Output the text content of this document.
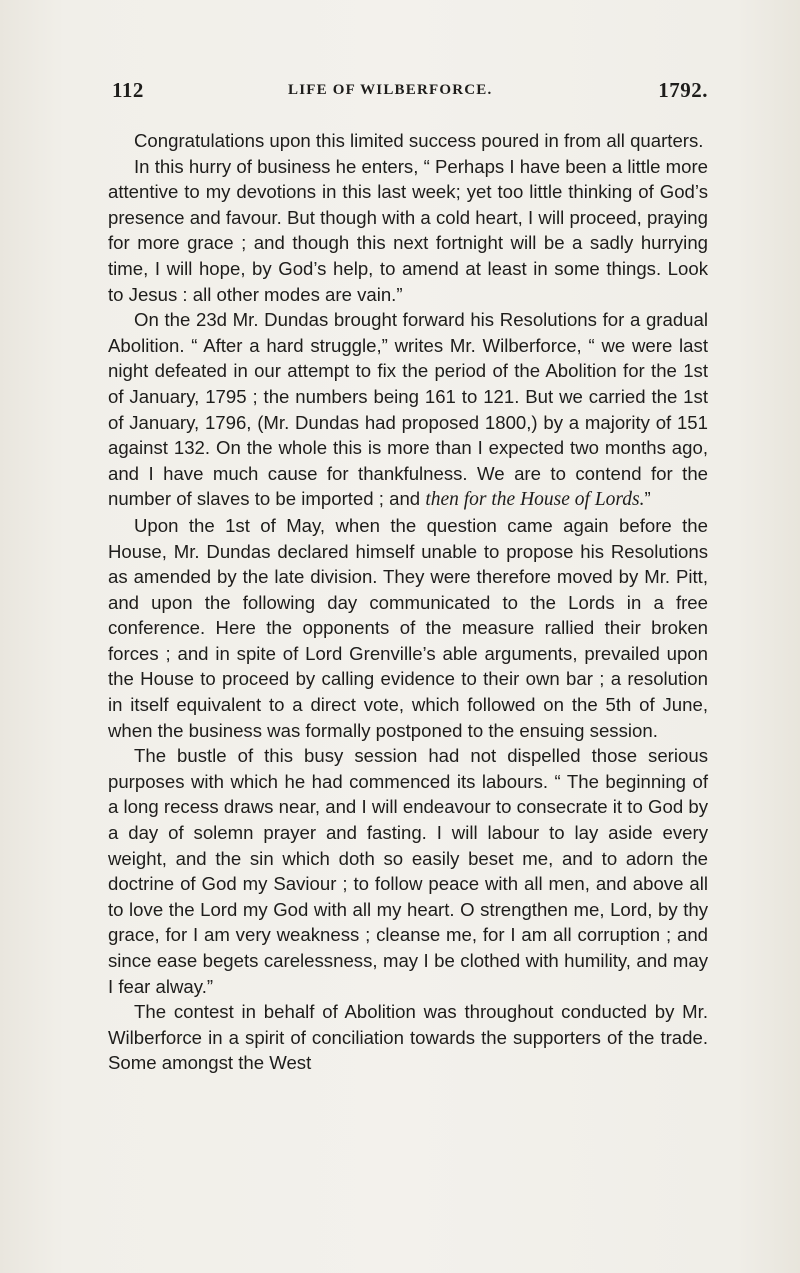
112	LIFE OF WILBERFORCE.	1792.

Congratulations upon this limited success poured in from all quarters.

In this hurry of business he enters, “ Perhaps I have been a little more attentive to my devotions in this last week; yet too little thinking of God’s presence and favour. But though with a cold heart, I will proceed, praying for more grace ; and though this next fortnight will be a sadly hurrying time, I will hope, by God’s help, to amend at least in some things. Look to Jesus : all other modes are vain.”

On the 23d Mr. Dundas brought forward his Resolutions for a gradual Abolition. “ After a hard struggle,” writes Mr. Wilberforce, “ we were last night defeated in our attempt to fix the period of the Abolition for the 1st of January, 1795 ; the numbers being 161 to 121. But we carried the 1st of January, 1796, (Mr. Dundas had proposed 1800,) by a majority of 151 against 132. On the whole this is more than I expected two months ago, and I have much cause for thankfulness. We are to contend for the number of slaves to be imported ; and then for the House of Lords.”

Upon the 1st of May, when the question came again before the House, Mr. Dundas declared himself unable to propose his Resolutions as amended by the late division. They were therefore moved by Mr. Pitt, and upon the following day communicated to the Lords in a free conference. Here the opponents of the measure rallied their broken forces ; and in spite of Lord Grenville’s able arguments, prevailed upon the House to proceed by calling evidence to their own bar ; a resolution in itself equivalent to a direct vote, which followed on the 5th of June, when the business was formally postponed to the ensuing session.

The bustle of this busy session had not dispelled those serious purposes with which he had commenced its labours. “ The beginning of a long recess draws near, and I will endeavour to consecrate it to God by a day of solemn prayer and fasting. I will labour to lay aside every weight, and the sin which doth so easily beset me, and to adorn the doctrine of God my Saviour ; to follow peace with all men, and above all to love the Lord my God with all my heart. O strengthen me, Lord, by thy grace, for I am very weakness ; cleanse me, for I am all corruption ; and since ease begets carelessness, may I be clothed with humility, and may I fear alway.”

The contest in behalf of Abolition was throughout conducted by Mr. Wilberforce in a spirit of conciliation towards the supporters of the trade. Some amongst the West
